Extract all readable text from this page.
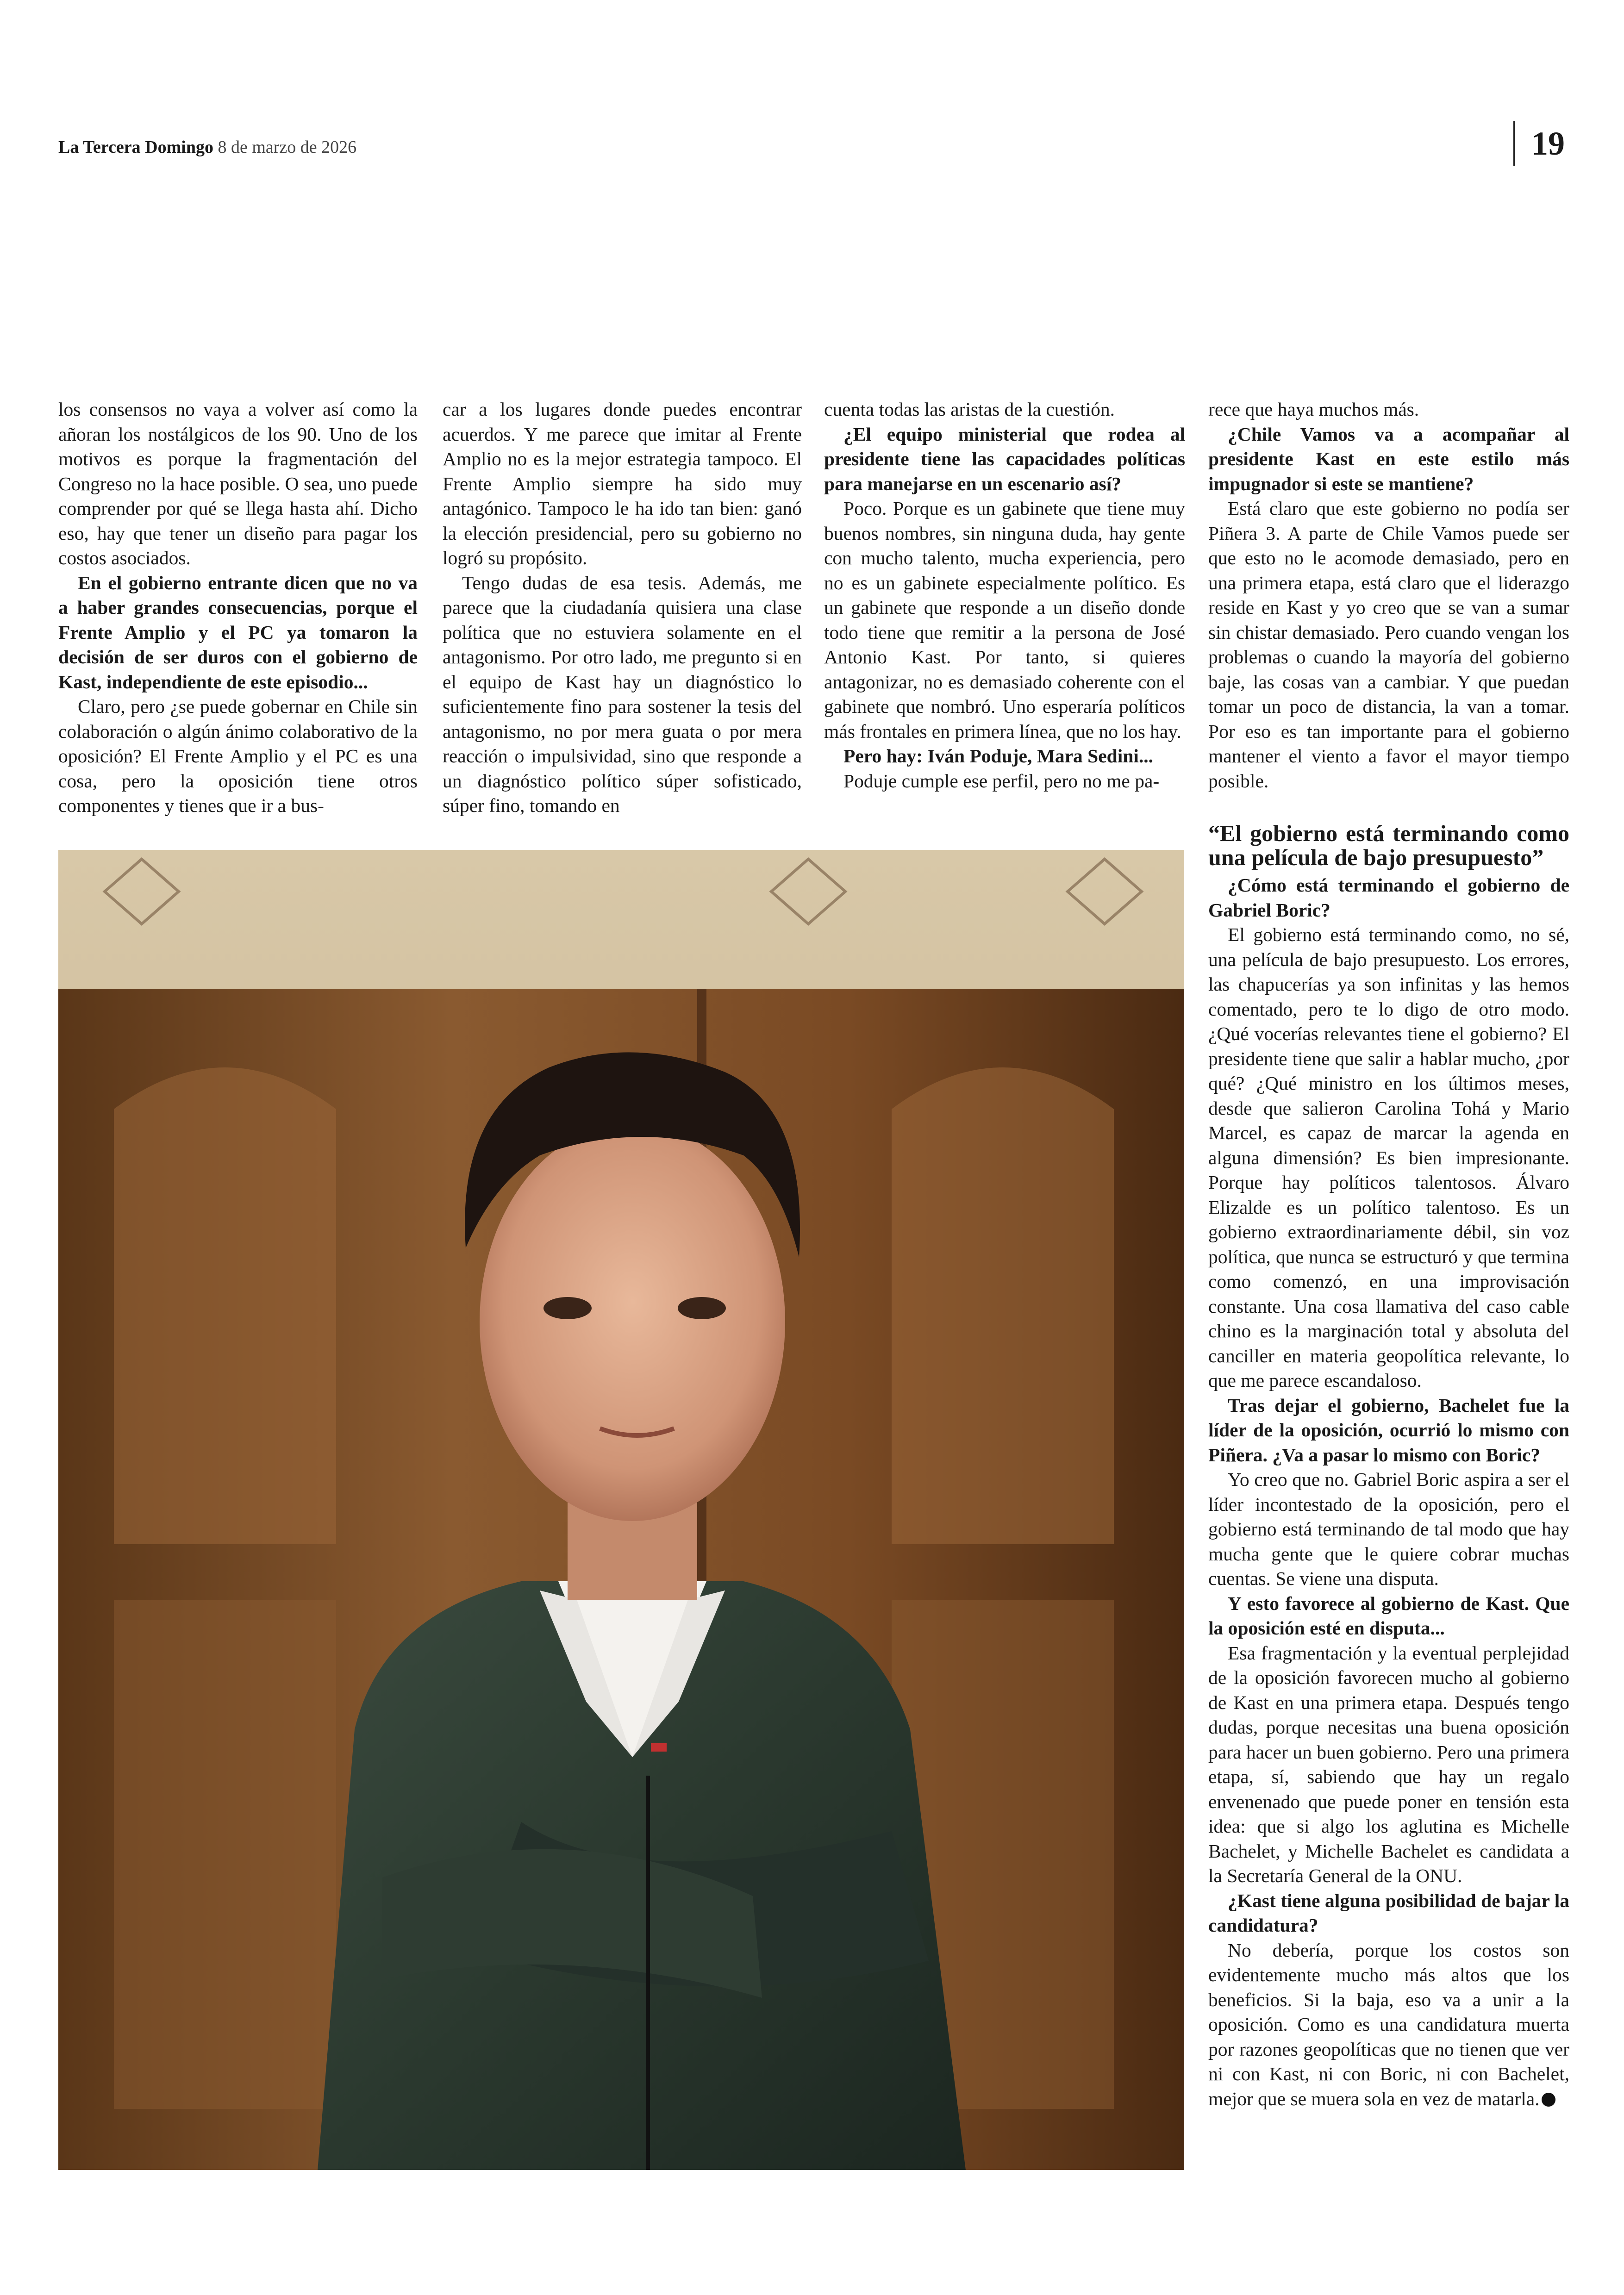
La Tercera Domingo 8 de marzo de 2026	19

los consensos no vaya a volver así como la añoran los nostálgicos de los 90. Uno de los motivos es porque la fragmentación del Congreso no la hace posible. O sea, uno puede comprender por qué se llega hasta ahí. Dicho eso, hay que tener un diseño para pagar los costos asociados.

En el gobierno entrante dicen que no va a haber grandes consecuencias, porque el Frente Amplio y el PC ya tomaron la decisión de ser duros con el gobierno de Kast, independiente de este episodio...

Claro, pero ¿se puede gobernar en Chile sin colaboración o algún ánimo colaborativo de la oposición? El Frente Amplio y el PC es una cosa, pero la oposición tiene otros componentes y tienes que ir a bus-

car a los lugares donde puedes encontrar acuerdos. Y me parece que imitar al Frente Amplio no es la mejor estrategia tampoco. El Frente Amplio siempre ha sido muy antagónico. Tampoco le ha ido tan bien: ganó la elección presidencial, pero su gobierno no logró su propósito.

Tengo dudas de esa tesis. Además, me parece que la ciudadanía quisiera una clase política que no estuviera solamente en el antagonismo. Por otro lado, me pregunto si en el equipo de Kast hay un diagnóstico lo suficientemente fino para sostener la tesis del antagonismo, no por mera guata o por mera reacción o impulsividad, sino que responde a un diagnóstico político súper sofisticado, súper fino, tomando en

cuenta todas las aristas de la cuestión.

¿El equipo ministerial que rodea al presidente tiene las capacidades políticas para manejarse en un escenario así?

Poco. Porque es un gabinete que tiene muy buenos nombres, sin ninguna duda, hay gente con mucho talento, mucha experiencia, pero no es un gabinete especialmente político. Es un gabinete que responde a un diseño donde todo tiene que remitir a la persona de José Antonio Kast. Por tanto, si quieres antagonizar, no es demasiado coherente con el gabinete que nombró. Uno esperaría políticos más frontales en primera línea, que no los hay.

Pero hay: Iván Poduje, Mara Sedini...

Poduje cumple ese perfil, pero no me pa-

rece que haya muchos más.

¿Chile Vamos va a acompañar al presidente Kast en este estilo más impugnador si este se mantiene?

Está claro que este gobierno no podía ser Piñera 3. A parte de Chile Vamos puede ser que esto no le acomode demasiado, pero en una primera etapa, está claro que el liderazgo reside en Kast y yo creo que se van a sumar sin chistar demasiado. Pero cuando vengan los problemas o cuando la mayoría del gobierno baje, las cosas van a cambiar. Y que puedan tomar un poco de distancia, la van a tomar. Por eso es tan importante para el gobierno mantener el viento a favor el mayor tiempo posible.

“El gobierno está terminando como una película de bajo presupuesto”

¿Cómo está terminando el gobierno de Gabriel Boric?

El gobierno está terminando como, no sé, una película de bajo presupuesto. Los errores, las chapucerías ya son infinitas y las hemos comentado, pero te lo digo de otro modo. ¿Qué vocerías relevantes tiene el gobierno? El presidente tiene que salir a hablar mucho, ¿por qué? ¿Qué ministro en los últimos meses, desde que salieron Carolina Tohá y Mario Marcel, es capaz de marcar la agenda en alguna dimensión? Es bien impresionante. Porque hay políticos talentosos. Álvaro Elizalde es un político talentoso. Es un gobierno extraordinariamente débil, sin voz política, que nunca se estructuró y que termina como comenzó, en una improvisación constante. Una cosa llamativa del caso cable chino es la marginación total y absoluta del canciller en materia geopolítica relevante, lo que me parece escandaloso.

Tras dejar el gobierno, Bachelet fue la líder de la oposición, ocurrió lo mismo con Piñera. ¿Va a pasar lo mismo con Boric?

Yo creo que no. Gabriel Boric aspira a ser el líder incontestado de la oposición, pero el gobierno está terminando de tal modo que hay mucha gente que le quiere cobrar muchas cuentas. Se viene una disputa.

Y esto favorece al gobierno de Kast. Que la oposición esté en disputa...

Esa fragmentación y la eventual perplejidad de la oposición favorecen mucho al gobierno de Kast en una primera etapa. Después tengo dudas, porque necesitas una buena oposición para hacer un buen gobierno. Pero una primera etapa, sí, sabiendo que hay un regalo envenenado que puede poner en tensión esta idea: que si algo los aglutina es Michelle Bachelet, y Michelle Bachelet es candidata a la Secretaría General de la ONU.

¿Kast tiene alguna posibilidad de bajar la candidatura?

No debería, porque los costos son evidentemente mucho más altos que los beneficios. Si la baja, eso va a unir a la oposición. Como es una candidatura muerta por razones geopolíticas que no tienen que ver ni con Kast, ni con Boric, ni con Bachelet, mejor que se muera sola en vez de matarla.
